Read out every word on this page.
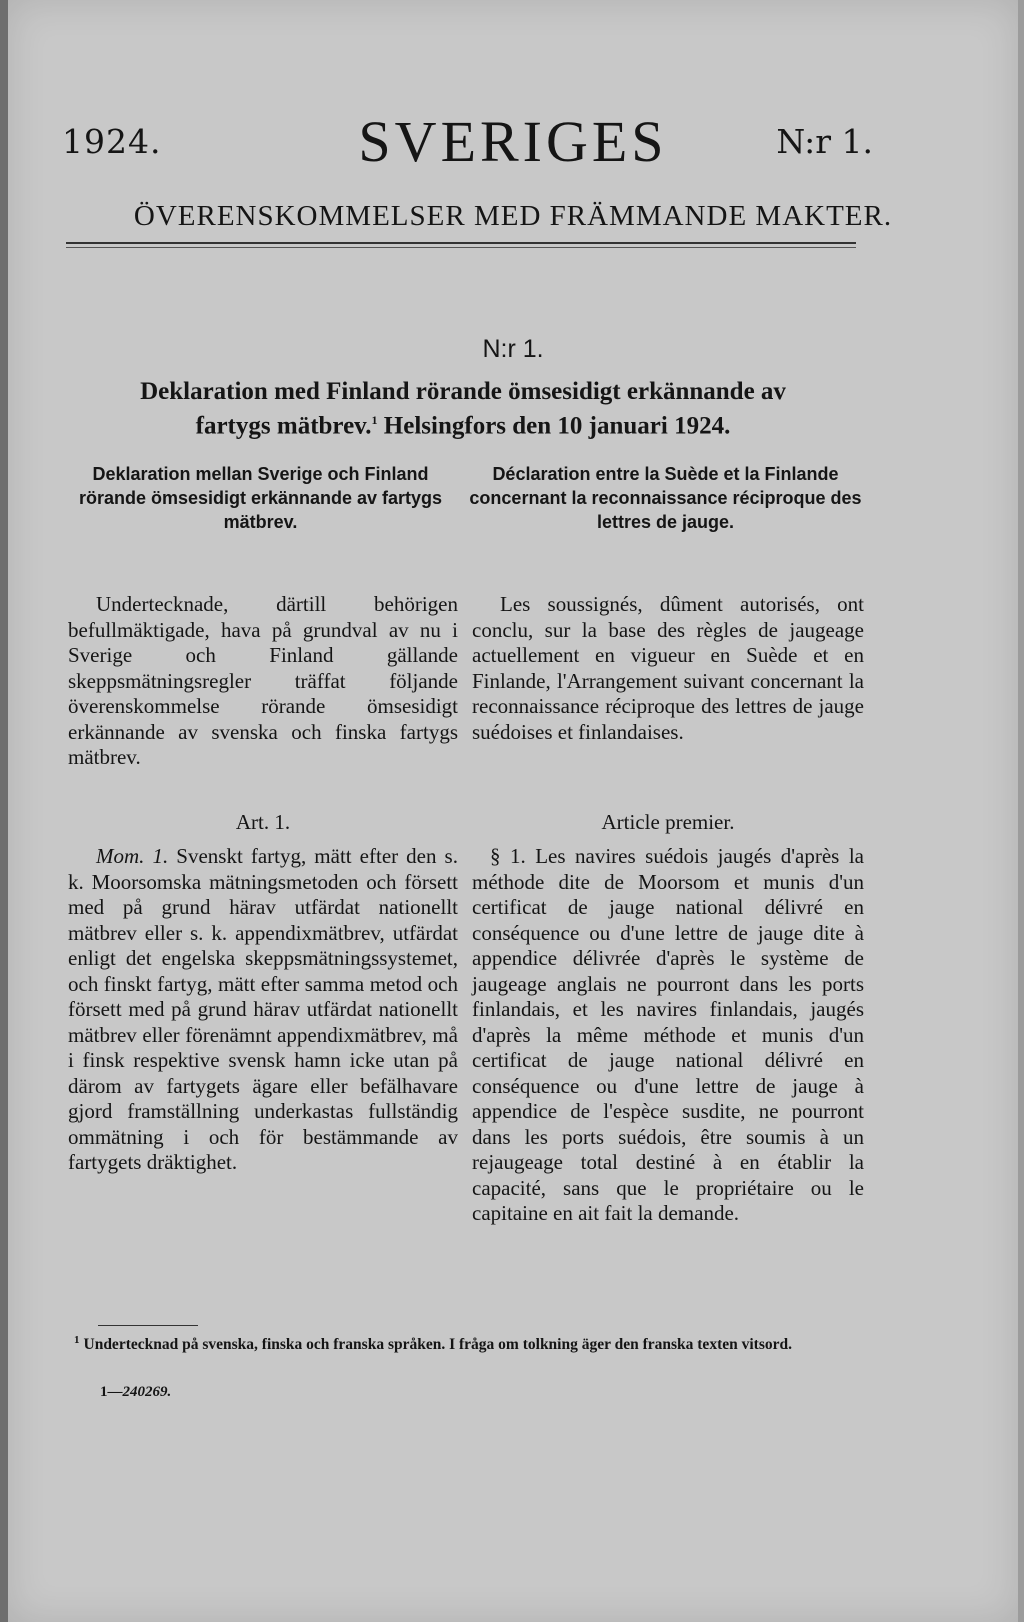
1924.	SVERIGES	N:r 1.
ÖVERENSKOMMELSER MED FRÄMMANDE MAKTER.
N:r 1.
Deklaration med Finland rörande ömsesidigt erkännande av
fartygs mätbrev.$^1$ Helsingfors den 10 januari 1924.
Deklaration mellan Sverige och Finland rörande ömsesidigt erkännande av fartygs mätbrev.
Déclaration entre la Suède et la Finlande concernant la reconnaissance réciproque des lettres de jauge.
Undertecknade, därtill behörigen befullmäktigade, hava på grundval av nu i Sverige och Finland gällande skeppsmätningsregler träffat följande överenskommelse rörande ömsesidigt erkännande av svenska och finska fartygs mätbrev.
Les soussignés, dûment autorisés, ont conclu, sur la base des règles de jaugeage actuellement en vigueur en Suède et en Finlande, l'Arrangement suivant concernant la reconnaissance réciproque des lettres de jauge suédoises et finlandaises.
Art. 1.	Article premier.
Mom. 1. Svenskt fartyg, mätt efter den s. k. Moorsomska mätningsmetoden och försett med på grund härav utfärdat nationellt mätbrev eller s. k. appendixmätbrev, utfärdat enligt det engelska skeppsmätningssystemet, och finskt fartyg, mätt efter samma metod och försett med på grund härav utfärdat nationellt mätbrev eller förenämnt appendixmätbrev, må i finsk respektive svensk hamn icke utan på därom av fartygets ägare eller befälhavare gjord framställning underkastas fullständig ommätning i och för bestämmande av fartygets dräktighet.
§ 1. Les navires suédois jaugés d'après la méthode dite de Moorsom et munis d'un certificat de jauge national délivré en conséquence ou d'une lettre de jauge dite à appendice délivrée d'après le système de jaugeage anglais ne pourront dans les ports finlandais, et les navires finlandais, jaugés d'après la même méthode et munis d'un certificat de jauge national délivré en conséquence ou d'une lettre de jauge à appendice de l'espèce susdite, ne pourront dans les ports suédois, être soumis à un rejaugeage total destiné à en établir la capacité, sans que le propriétaire ou le capitaine en ait fait la demande.
$^1$ Undertecknad på svenska, finska och franska språken. I fråga om tolkning äger den franska texten vitsord.
1—240269.
